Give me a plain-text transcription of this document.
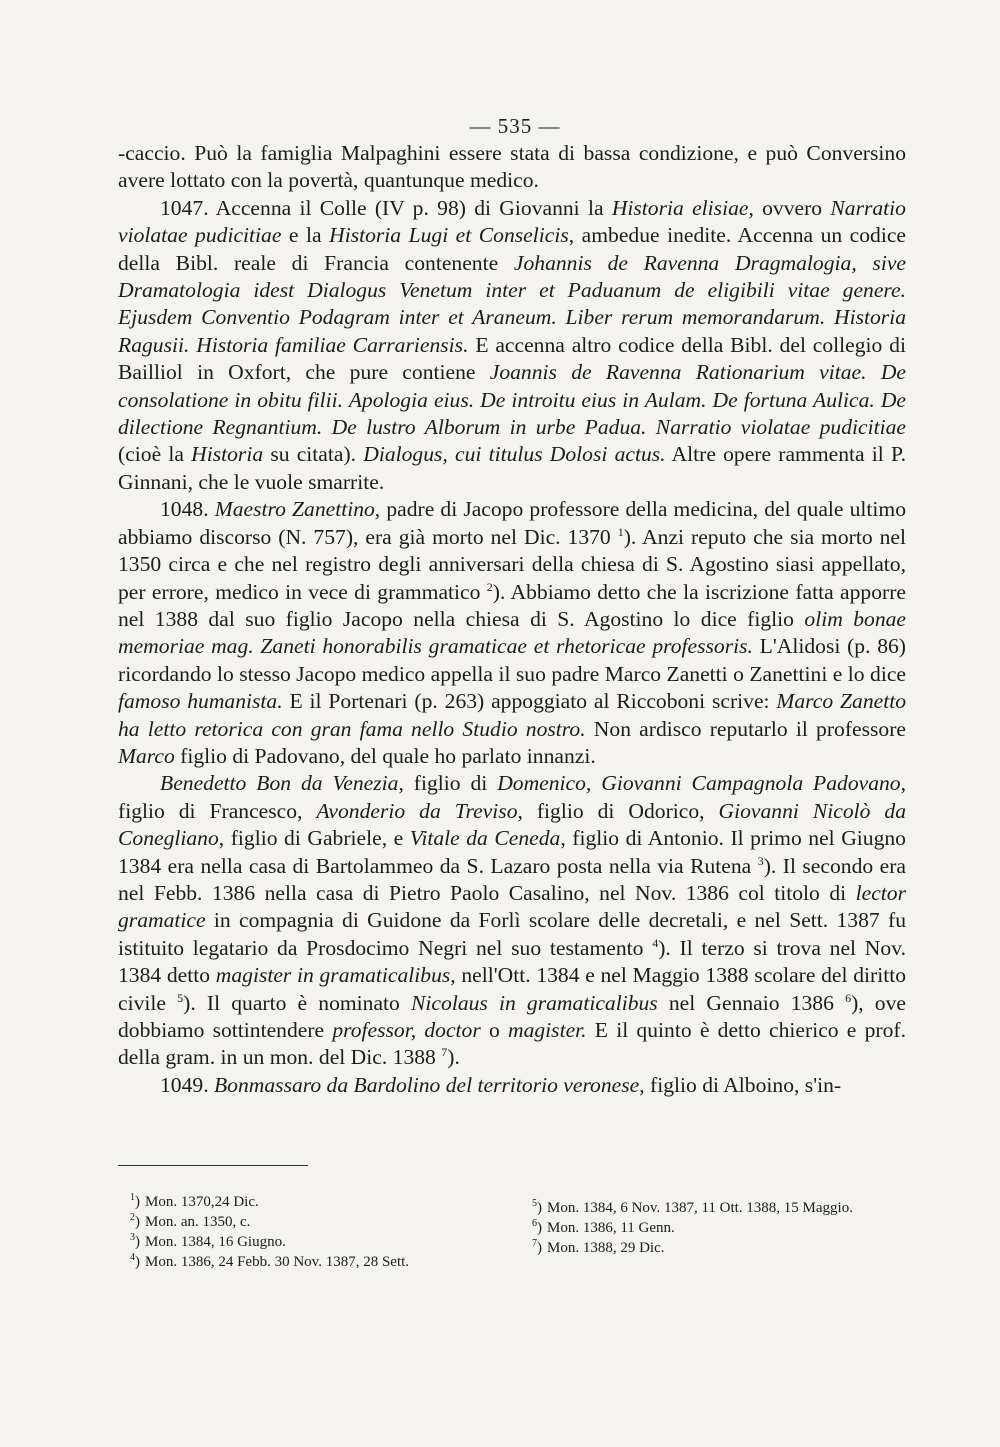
— 535 —

-caccio. Può la famiglia Malpaghini essere stata di bassa condizione, e può Conversino avere lottato con la povertà, quantunque medico.

1047. Accenna il Colle (IV p. 98) di Giovanni la Historia elisiae, ovvero Narratio violatae pudicitiae e la Historia Lugi et Conselicis, ambedue inedite. Accenna un codice della Bibl. reale di Francia contenente Johannis de Ravenna Dragmalogia, sive Dramatologia idest Dialogus Venetum inter et Paduanum de eligibili vitae genere. Ejusdem Conventio Podagram inter et Araneum. Liber rerum memorandarum. Historia Ragusii. Historia familiae Carrariensis. E accenna altro codice della Bibl. del collegio di Bailliol in Oxfort, che pure contiene Joannis de Ravenna Rationarium vitae. De consolatione in obitu filii. Apologia eius. De introitu eius in Aulam. De fortuna Aulica. De dilectione Regnantium. De lustro Alborum in urbe Padua. Narratio violatae pudicitiae (cioè la Historia su citata). Dialogus, cui titulus Dolosi actus. Altre opere rammenta il P. Ginnani, che le vuole smarrite.

1048. Maestro Zanettino, padre di Jacopo professore della medicina, del quale ultimo abbiamo discorso (N. 757), era già morto nel Dic. 1370 $^1$). Anzi reputo che sia morto nel 1350 circa e che nel registro degli anniversari della chiesa di S. Agostino siasi appellato, per errore, medico in vece di grammatico $^2$). Abbiamo detto che la iscrizione fatta apporre nel 1388 dal suo figlio Jacopo nella chiesa di S. Agostino lo dice figlio olim bonae memoriae mag. Zaneti honorabilis gramaticae et rhetoricae professoris. L'Alidosi (p. 86) ricordando lo stesso Jacopo medico appella il suo padre Marco Zanetti o Zanettini e lo dice famoso humanista. E il Portenari (p. 263) appoggiato al Riccoboni scrive: Marco Zanetto ha letto retorica con gran fama nello Studio nostro. Non ardisco reputarlo il professore Marco figlio di Padovano, del quale ho parlato innanzi.

Benedetto Bon da Venezia, figlio di Domenico, Giovanni Campagnola Padovano, figlio di Francesco, Avonderio da Treviso, figlio di Odorico, Giovanni Nicolò da Conegliano, figlio di Gabriele, e Vitale da Ceneda, figlio di Antonio. Il primo nel Giugno 1384 era nella casa di Bartolammeo da S. Lazaro posta nella via Rutena $^3$). Il secondo era nel Febb. 1386 nella casa di Pietro Paolo Casalino, nel Nov. 1386 col titolo di lector gramatice in compagnia di Guidone da Forlì scolare delle decretali, e nel Sett. 1387 fu istituito legatario da Prosdocimo Negri nel suo testamento $^4$). Il terzo si trova nel Nov. 1384 detto magister in gramaticalibus, nell'Ott. 1384 e nel Maggio 1388 scolare del diritto civile $^5$). Il quarto è nominato Nicolaus in gramaticalibus nel Gennaio 1386 $^6$), ove dobbiamo sottintendere professor, doctor o magister. E il quinto è detto chierico e prof. della gram. in un mon. del Dic. 1388 $^7$).

1049. Bonmassaro da Bardolino del territorio veronese, figlio di Alboino, s'in-

$^1$) Mon. 1370,24 Dic.

$^2$) Mon. an. 1350, c.

$^3$) Mon. 1384, 16 Giugno.

$^4$) Mon. 1386, 24 Febb. 30 Nov. 1387, 28 Sett.

$^5$) Mon. 1384, 6 Nov. 1387, 11 Ott. 1388, 15 Maggio.

$^6$) Mon. 1386, 11 Genn.

$^7$) Mon. 1388, 29 Dic.
